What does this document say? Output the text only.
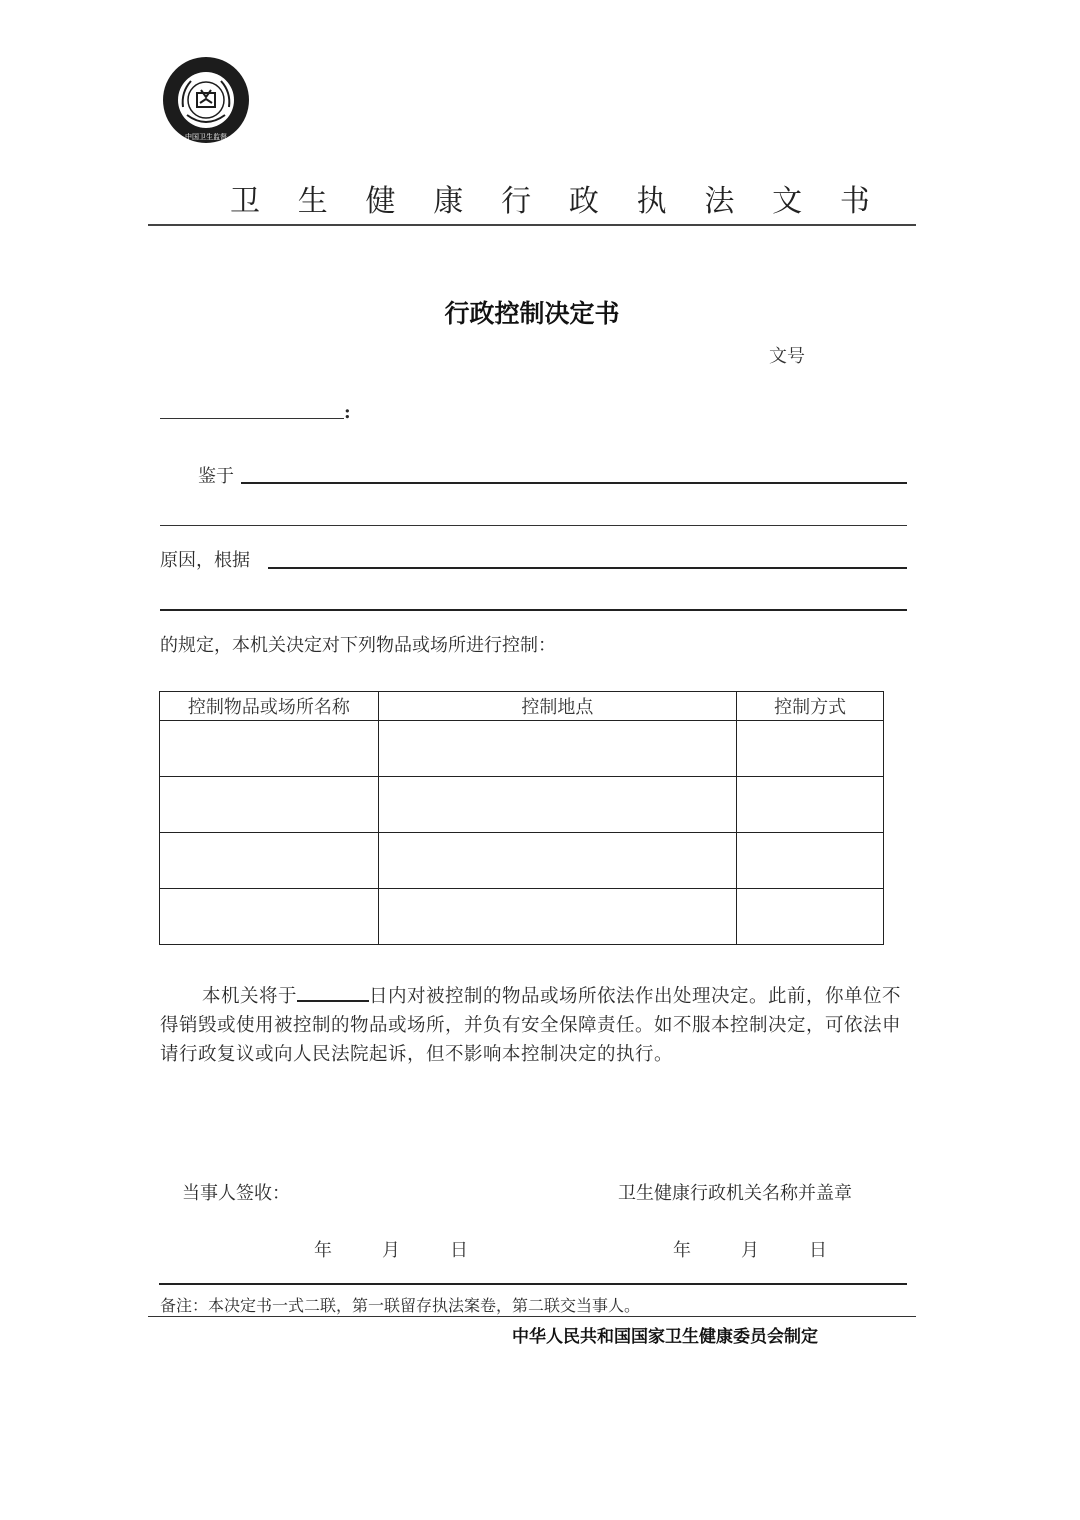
中国卫生监督
卫 生 健 康 行 政 执 法 文 书
行政控制决定书
文号
:
鉴于
原因，根据
的规定，本机关决定对下列物品或场所进行控制：
控制物品或场所名称	控制地点	控制方式

本机关将于	日内对被控制的物品或场所依法作出处理决定。此前，你单位不得销毁或使用被控制的物品或场所，并负有安全保障责任。如不服本控制决定，可依法申请行政复议或向人民法院起诉，但不影响本控制决定的执行。
当事人签收：	卫生健康行政机关名称并盖章
年	月	日	年	月	日
备注：本决定书一式二联，第一联留存执法案卷，第二联交当事人。
中华人民共和国国家卫生健康委员会制定
